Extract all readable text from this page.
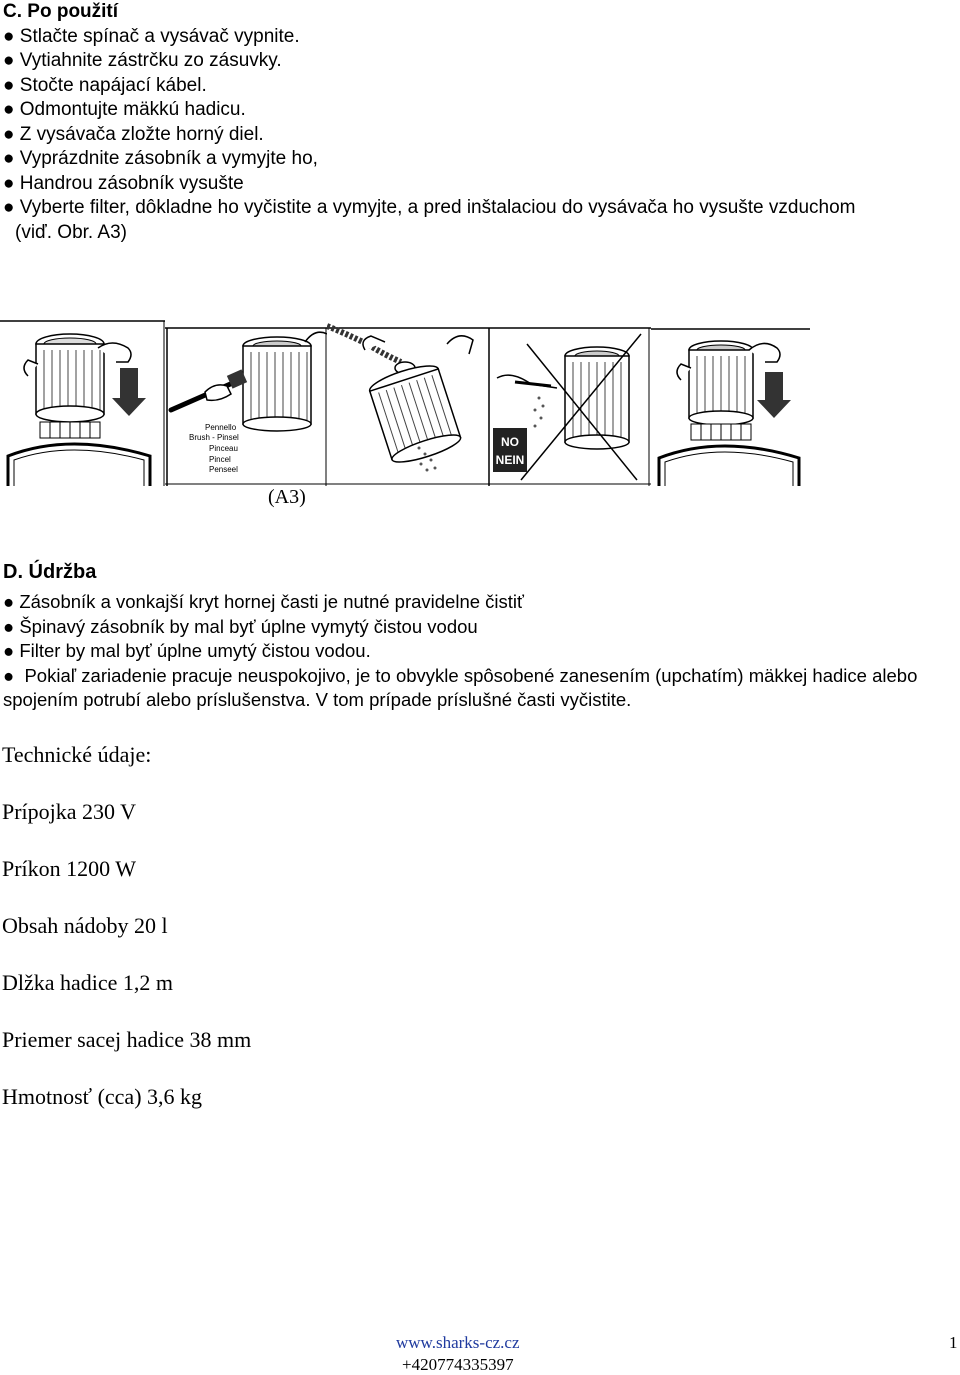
C. Po použití
● Stlačte spínač a vysávač vypnite.
● Vytiahnite zástrčku zo zásuvky.
● Stočte napájací kábel.
● Odmontujte mäkkú hadicu.
● Z vysávača zložte horný diel.
● Vyprázdnite zásobník a vymyjte ho,
● Handrou zásobník vysušte
● Vyberte filter, dôkladne ho vyčistite a vymyjte, a pred inštalaciou do vysávača ho vysušte vzduchom
(viď. Obr. A3)
Pennello
Brush - Pinsel
Pinceau
Pincel
Penseel
NO
NEIN
(A3)
D. Údržba
● Zásobník a vonkajší kryt hornej časti je nutné pravidelne čistiť
● Špinavý zásobník by mal byť úplne vymytý čistou vodou
● Filter by mal byť úplne umytý čistou vodou.
●  Pokiaľ zariadenie pracuje neuspokojivo, je to obvykle spôsobené zanesením (upchatím) mäkkej hadice alebo spojením potrubí alebo príslušenstva. V tom prípade príslušné časti vyčistite.
Technické údaje:
Prípojka 230 V
Príkon 1200 W
Obsah nádoby 20 l
Dlžka hadice 1,2 m
Priemer sacej hadice 38 mm
Hmotnosť (cca) 3,6 kg
www.sharks-cz.cz
+420774335397
1
